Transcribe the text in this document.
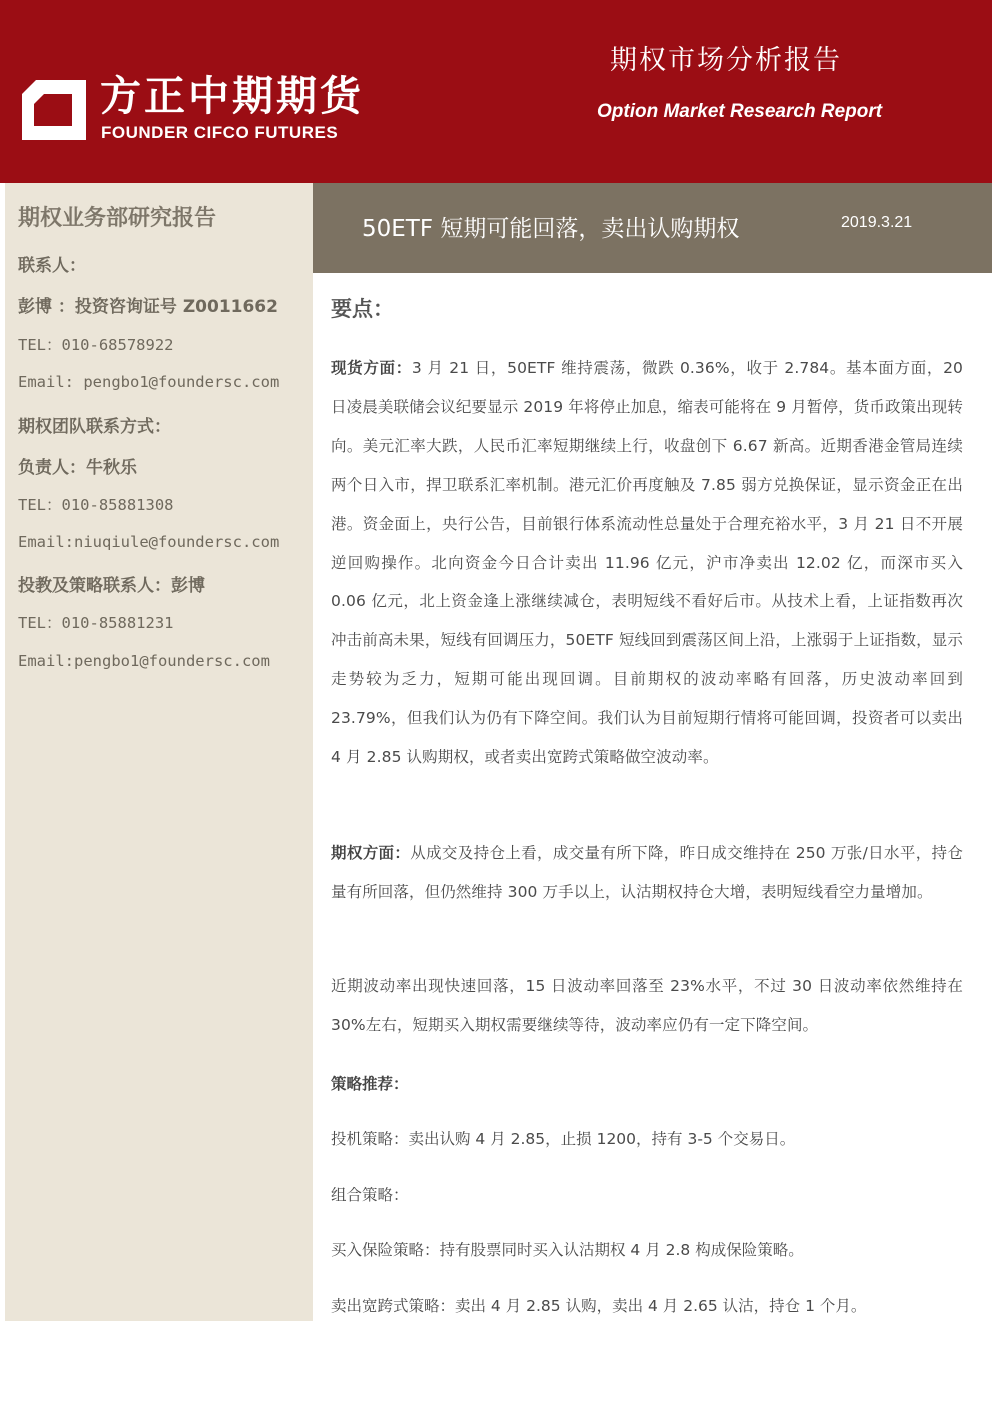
方正中期期货
FOUNDER CIFCO FUTURES
期权市场分析报告
Option Market Research Report
期权业务部研究报告
联系人：
彭博 ：投资咨询证号 Z0011662
TEL：010-68578922
Email: pengbo1@foundersc.com
期权团队联系方式：
负责人：牛秋乐
TEL：010-85881308
Email:niuqiule@foundersc.com
投教及策略联系人：彭博
TEL：010-85881231
Email:pengbo1@foundersc.com
50ETF 短期可能回落，卖出认购期权	2019.3.21
要点：
现货方面：3 月 21 日，50ETF 维持震荡，微跌 0.36%，收于 2.784。基本面方面，20 日凌晨美联储会议纪要显示 2019 年将停止加息，缩表可能将在 9 月暂停，货币政策出现转向。美元汇率大跌，人民币汇率短期继续上行，收盘创下 6.67 新高。近期香港金管局连续两个日入市，捍卫联系汇率机制。港元汇价再度触及 7.85 弱方兑换保证，显示资金正在出港。资金面上，央行公告，目前银行体系流动性总量处于合理充裕水平，3 月 21 日不开展逆回购操作。北向资金今日合计卖出 11.96 亿元，沪市净卖出 12.02 亿，而深市买入 0.06 亿元，北上资金逢上涨继续减仓，表明短线不看好后市。从技术上看，上证指数再次冲击前高未果，短线有回调压力，50ETF 短线回到震荡区间上沿，上涨弱于上证指数，显示走势较为乏力，短期可能出现回调。目前期权的波动率略有回落，历史波动率回到 23.79%，但我们认为仍有下降空间。我们认为目前短期行情将可能回调，投资者可以卖出 4 月 2.85 认购期权，或者卖出宽跨式策略做空波动率。
期权方面：从成交及持仓上看，成交量有所下降，昨日成交维持在 250 万张/日水平，持仓量有所回落，但仍然维持 300 万手以上，认沽期权持仓大增，表明短线看空力量增加。
近期波动率出现快速回落，15 日波动率回落至 23%水平，不过 30 日波动率依然维持在 30%左右，短期买入期权需要继续等待，波动率应仍有一定下降空间。
策略推荐：
投机策略：卖出认购 4 月 2.85，止损 1200，持有 3-5 个交易日。
组合策略：
买入保险策略：持有股票同时买入认沽期权 4 月 2.8 构成保险策略。
卖出宽跨式策略：卖出 4 月 2.85 认购，卖出 4 月 2.65 认沽，持仓 1 个月。
